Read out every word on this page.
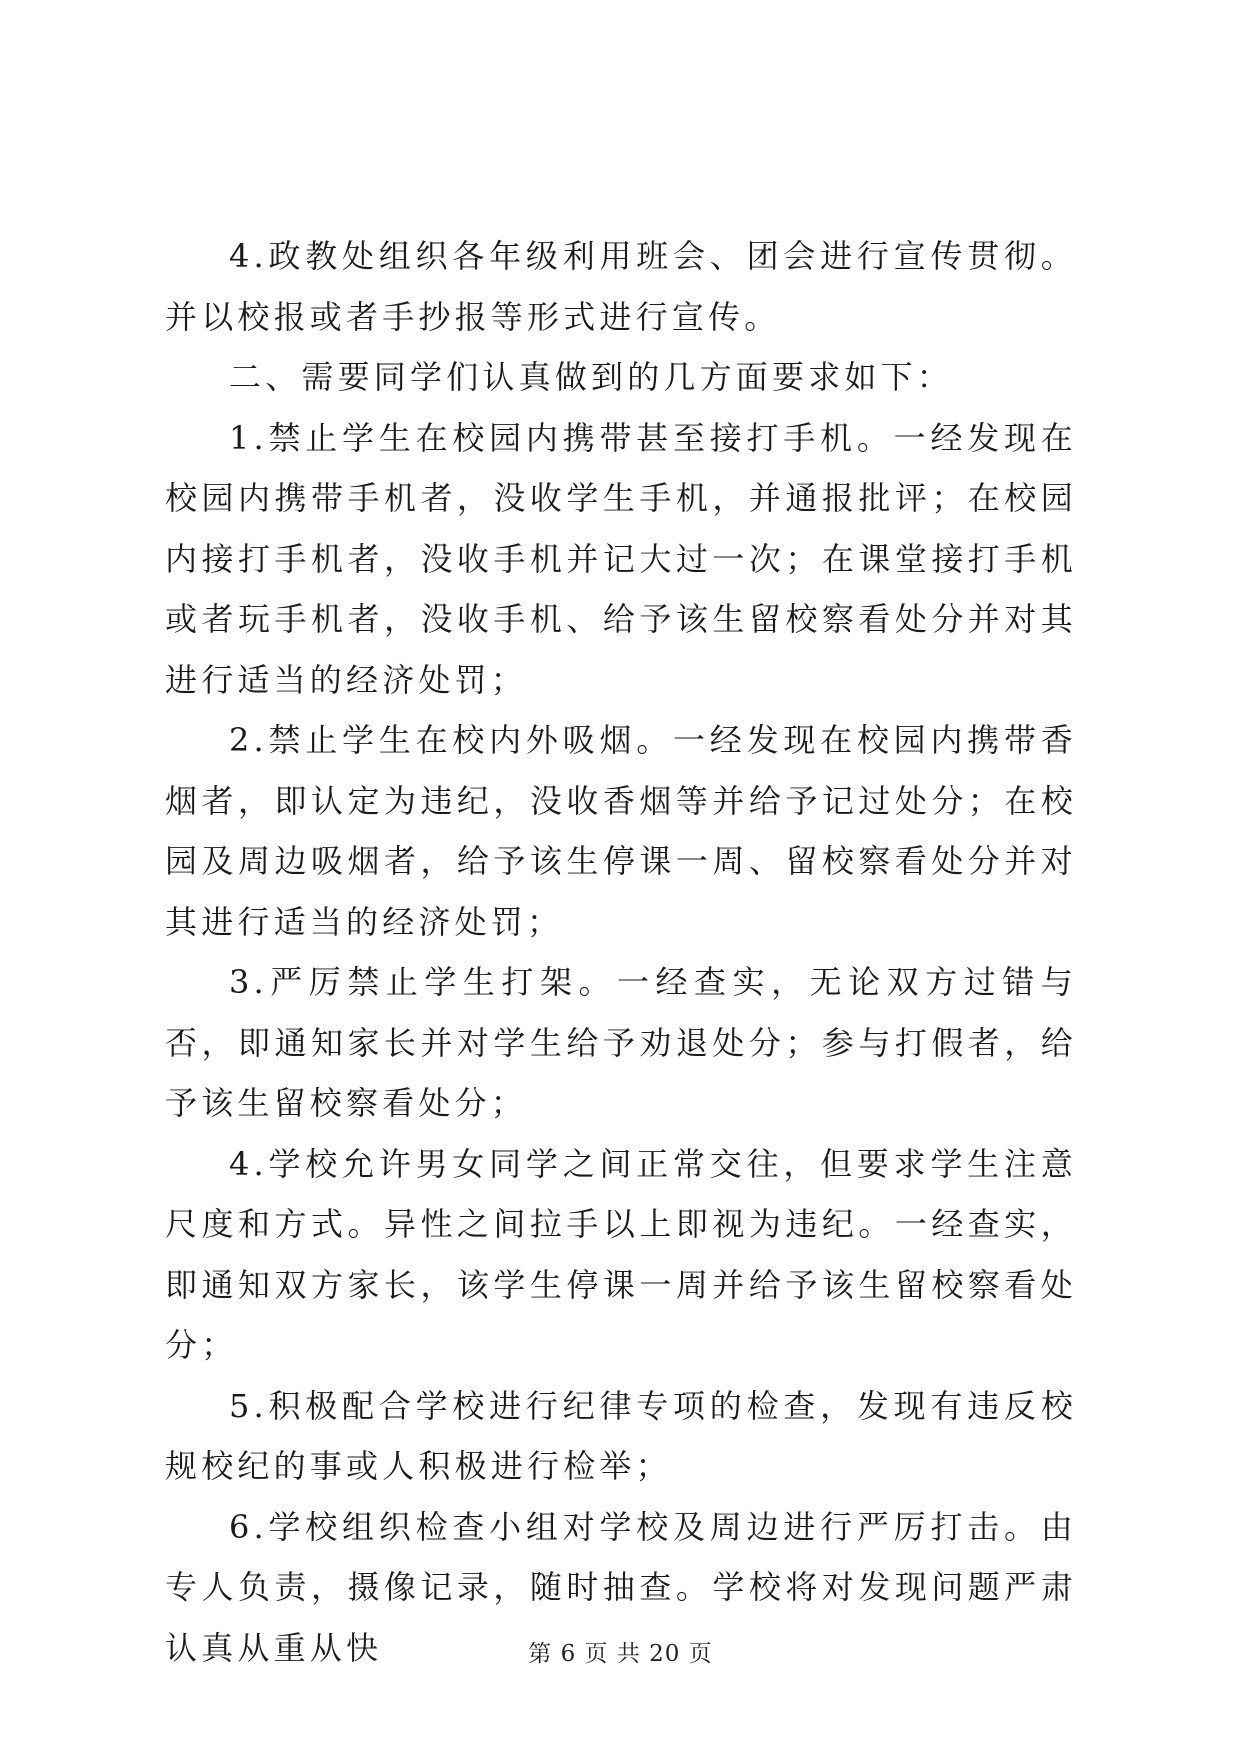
4.政教处组织各年级利用班会、团会进行宣传贯彻。并以校报或者手抄报等形式进行宣传。

二、需要同学们认真做到的几方面要求如下：

1.禁止学生在校园内携带甚至接打手机。一经发现在校园内携带手机者，没收学生手机，并通报批评；在校园内接打手机者，没收手机并记大过一次；在课堂接打手机或者玩手机者，没收手机、给予该生留校察看处分并对其进行适当的经济处罚；

2.禁止学生在校内外吸烟。一经发现在校园内携带香烟者，即认定为违纪，没收香烟等并给予记过处分；在校园及周边吸烟者，给予该生停课一周、留校察看处分并对其进行适当的经济处罚；

3.严厉禁止学生打架。一经查实，无论双方过错与否，即通知家长并对学生给予劝退处分；参与打假者，给予该生留校察看处分；

4.学校允许男女同学之间正常交往，但要求学生注意尺度和方式。异性之间拉手以上即视为违纪。一经查实，即通知双方家长，该学生停课一周并给予该生留校察看处分；

5.积极配合学校进行纪律专项的检查，发现有违反校规校纪的事或人积极进行检举；

6.学校组织检查小组对学校及周边进行严厉打击。由专人负责，摄像记录，随时抽查。学校将对发现问题严肃认真从重从快	第 6 页 共 20 页
